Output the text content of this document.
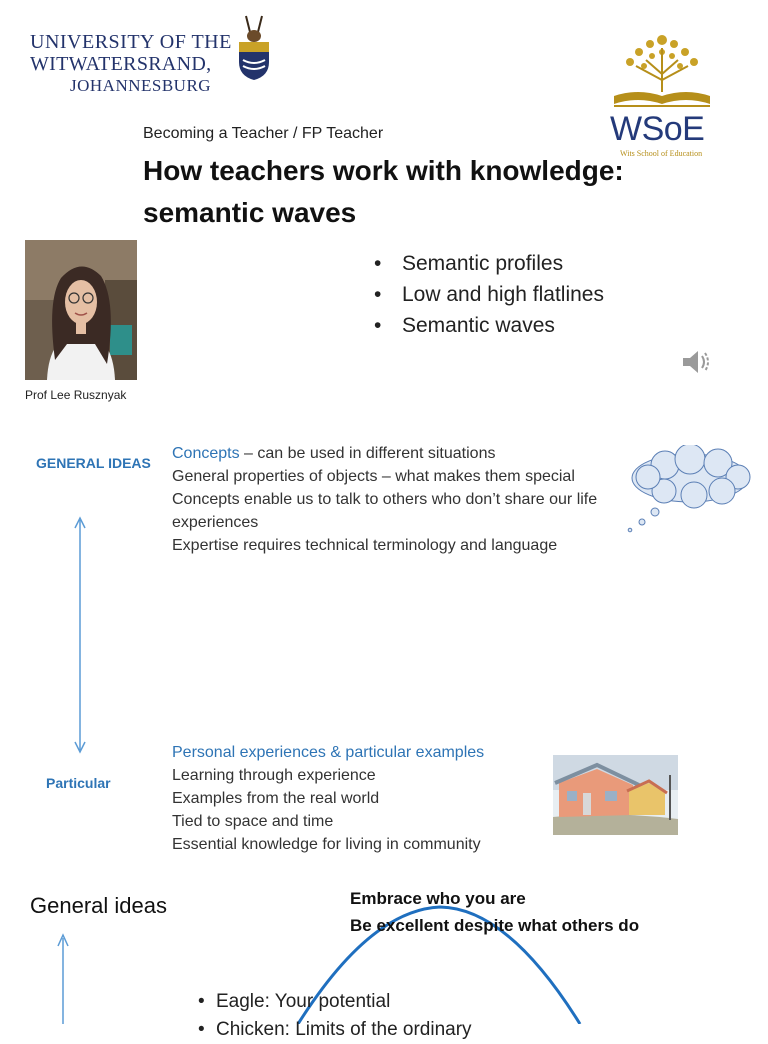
UNIVERSITY OF THE
WITWATERSRAND,
JOHANNESBURG
WSoE
Wits School of Education
Becoming a Teacher / FP Teacher
How teachers work with knowledge:
semantic waves
Prof Lee Rusznyak
• Semantic profiles
• Low and high flatlines
• Semantic waves
GENERAL IDEAS
Particular
Concepts – can be used in different situations
General properties of objects – what makes them special
Concepts enable us to talk to others who don’t share our life experiences
Expertise requires technical terminology and language
Personal experiences & particular examples
Learning through experience
Examples from the real world
Tied to space and time
Essential knowledge for living in community
General ideas	Embrace who you are
Be excellent despite what others do
• Eagle: Your potential
• Chicken: Limits of the ordinary
